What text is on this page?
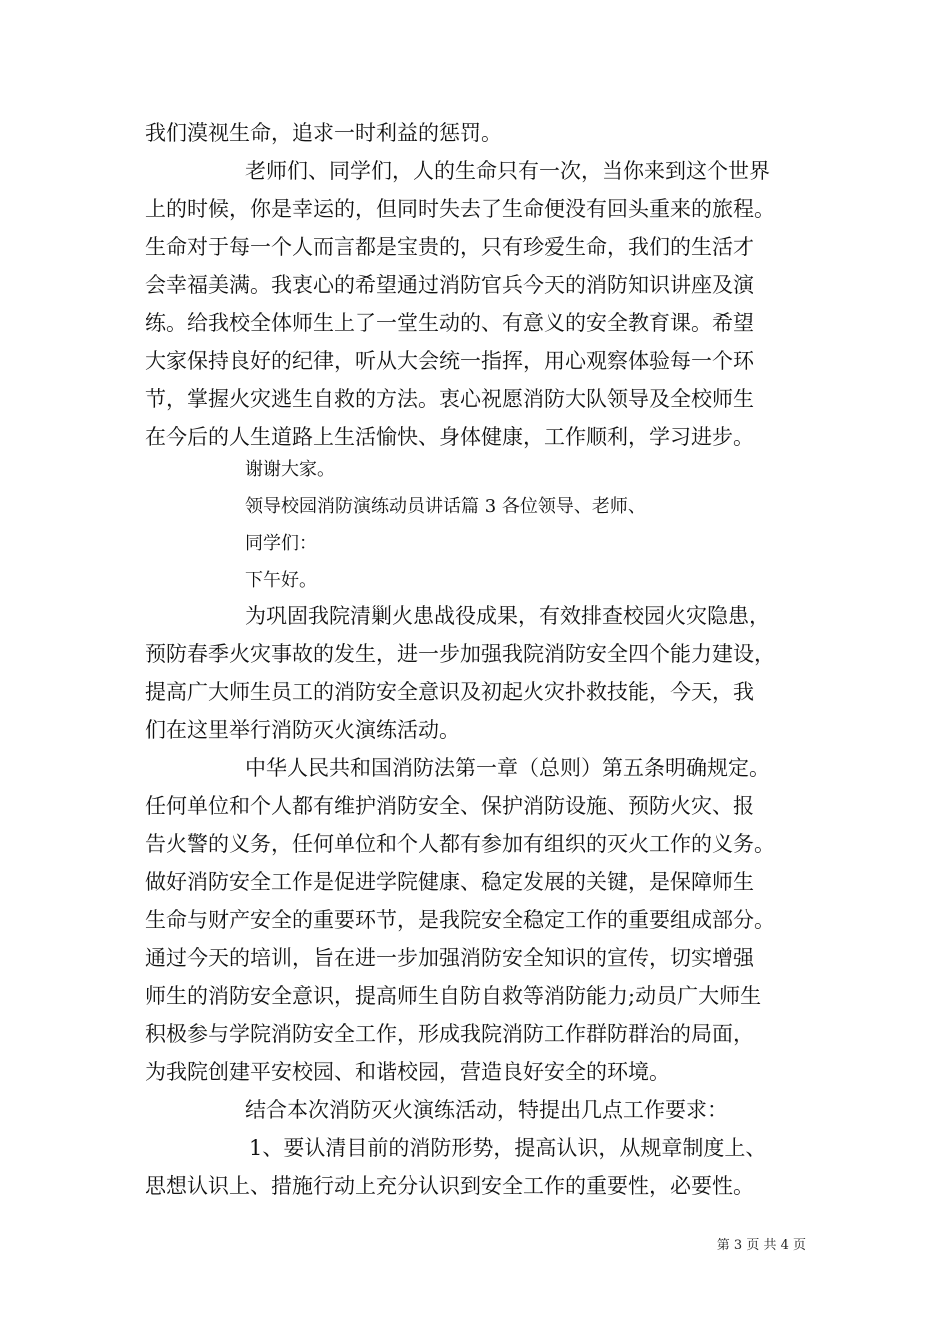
我们漠视生命，追求一时利益的惩罚。
老师们、同学们，人的生命只有一次，当你来到这个世界
上的时候，你是幸运的，但同时失去了生命便没有回头重来的旅程。
生命对于每一个人而言都是宝贵的，只有珍爱生命，我们的生活才
会幸福美满。我衷心的希望通过消防官兵今天的消防知识讲座及演
练。给我校全体师生上了一堂生动的、有意义的安全教育课。希望
大家保持良好的纪律，听从大会统一指挥，用心观察体验每一个环
节，掌握火灾逃生自救的方法。衷心祝愿消防大队领导及全校师生
在今后的人生道路上生活愉快、身体健康，工作顺利，学习进步。
谢谢大家。
领导校园消防演练动员讲话篇 3 各位领导、老师、
同学们：
下午好。
为巩固我院清剿火患战役成果，有效排查校园火灾隐患，
预防春季火灾事故的发生，进一步加强我院消防安全四个能力建设，
提高广大师生员工的消防安全意识及初起火灾扑救技能，今天，我
们在这里举行消防灭火演练活动。
中华人民共和国消防法第一章（总则）第五条明确规定。
任何单位和个人都有维护消防安全、保护消防设施、预防火灾、报
告火警的义务，任何单位和个人都有参加有组织的灭火工作的义务。
做好消防安全工作是促进学院健康、稳定发展的关键，是保障师生
生命与财产安全的重要环节，是我院安全稳定工作的重要组成部分。
通过今天的培训，旨在进一步加强消防安全知识的宣传，切实增强
师生的消防安全意识，提高师生自防自救等消防能力;动员广大师生
积极参与学院消防安全工作，形成我院消防工作群防群治的局面，
为我院创建平安校园、和谐校园，营造良好安全的环境。
结合本次消防灭火演练活动，特提出几点工作要求：
1、要认清目前的消防形势，提高认识，从规章制度上、
思想认识上、措施行动上充分认识到安全工作的重要性，必要性。
第 3 页 共 4 页
